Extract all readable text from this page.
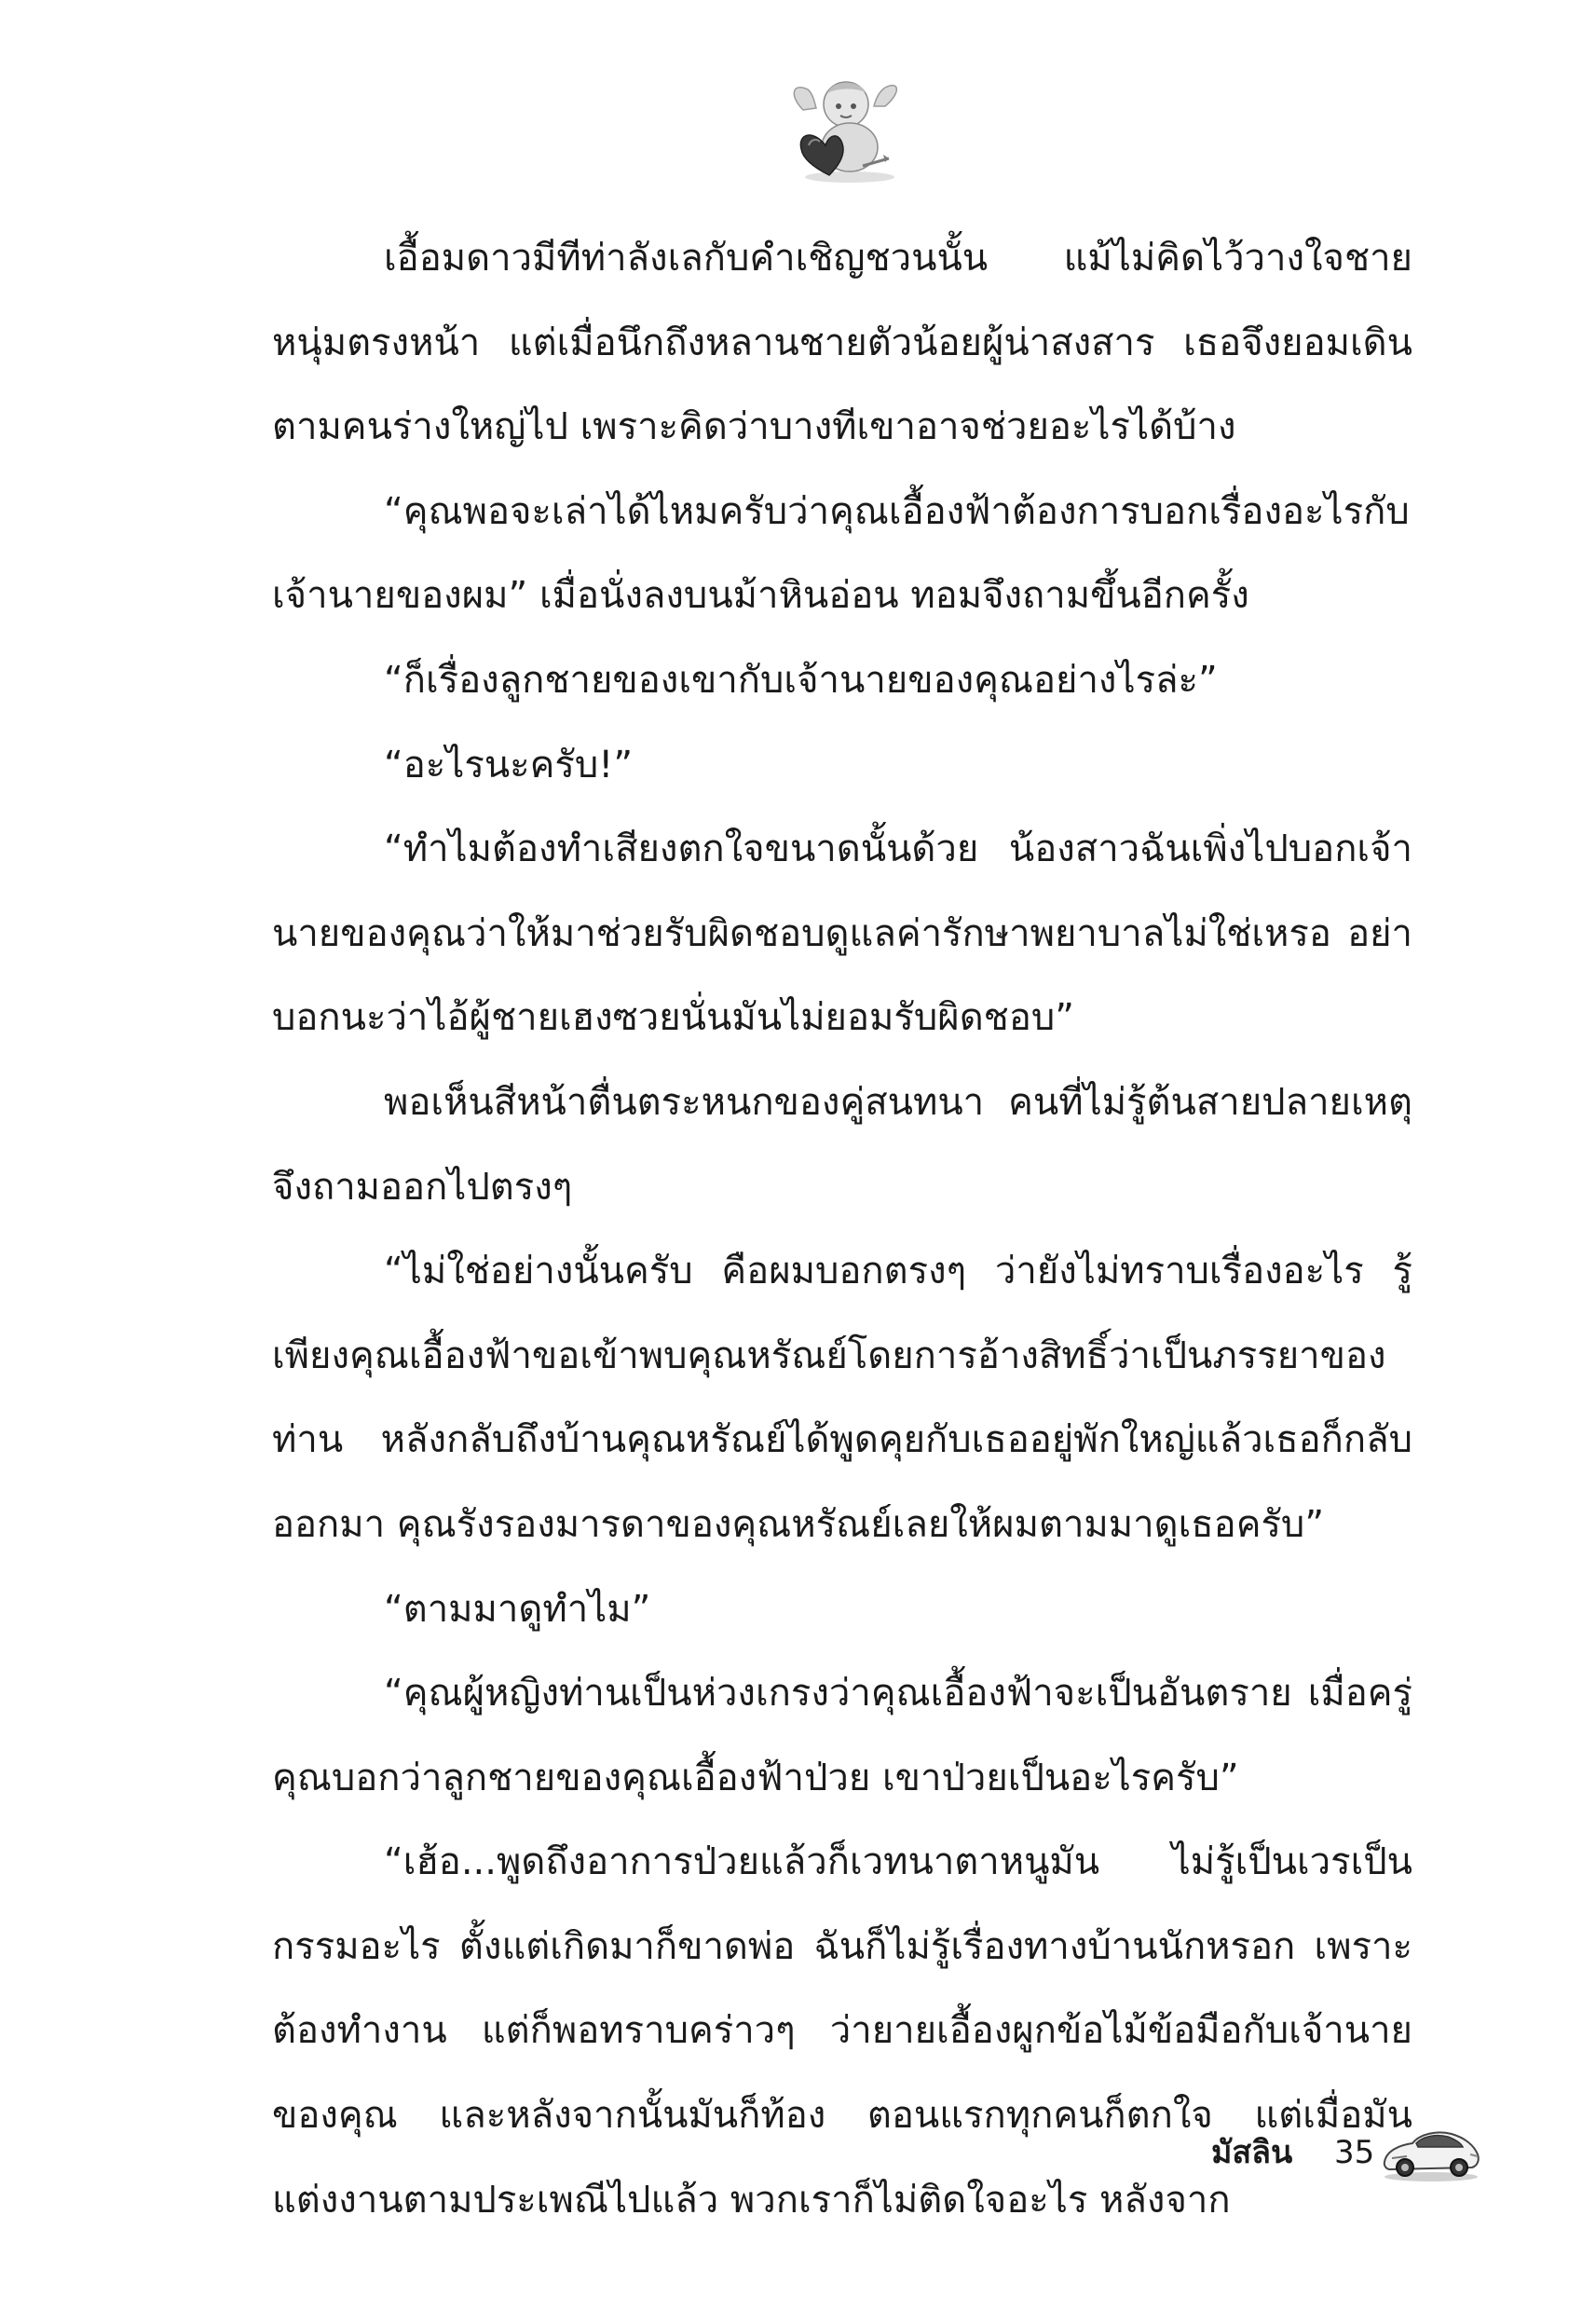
เอื้อมดาวมีทีท่าลังเลกับคำเชิญชวนนั้น แม้ไม่คิดไว้วางใจชายหนุ่มตรงหน้า แต่เมื่อนึกถึงหลานชายตัวน้อยผู้น่าสงสาร เธอจึงยอมเดินตามคนร่างใหญ่ไป เพราะคิดว่าบางทีเขาอาจช่วยอะไรได้บ้าง

“คุณพอจะเล่าได้ไหมครับว่าคุณเอื้องฟ้าต้องการบอกเรื่องอะไรกับเจ้านายของผม” เมื่อนั่งลงบนม้าหินอ่อน ทอมจึงถามขึ้นอีกครั้ง

“ก็เรื่องลูกชายของเขากับเจ้านายของคุณอย่างไรล่ะ”

“อะไรนะครับ!”

“ทำไมต้องทำเสียงตกใจขนาดนั้นด้วย น้องสาวฉันเพิ่งไปบอกเจ้านายของคุณว่าให้มาช่วยรับผิดชอบดูแลค่ารักษาพยาบาลไม่ใช่เหรอ อย่าบอกนะว่าไอ้ผู้ชายเฮงซวยนั่นมันไม่ยอมรับผิดชอบ”

พอเห็นสีหน้าตื่นตระหนกของคู่สนทนา คนที่ไม่รู้ต้นสายปลายเหตุจึงถามออกไปตรงๆ

“ไม่ใช่อย่างนั้นครับ คือผมบอกตรงๆ ว่ายังไม่ทราบเรื่องอะไร รู้เพียงคุณเอื้องฟ้าขอเข้าพบคุณหรัณย์โดยการอ้างสิทธิ์ว่าเป็นภรรยาของท่าน หลังกลับถึงบ้านคุณหรัณย์ได้พูดคุยกับเธออยู่พักใหญ่แล้วเธอก็กลับออกมา คุณรังรองมารดาของคุณหรัณย์เลยให้ผมตามมาดูเธอครับ”

“ตามมาดูทำไม”

“คุณผู้หญิงท่านเป็นห่วงเกรงว่าคุณเอื้องฟ้าจะเป็นอันตราย เมื่อครู่คุณบอกว่าลูกชายของคุณเอื้องฟ้าป่วย เขาป่วยเป็นอะไรครับ”

“เฮ้อ...พูดถึงอาการป่วยแล้วก็เวทนาตาหนูมัน ไม่รู้เป็นเวรเป็นกรรมอะไร ตั้งแต่เกิดมาก็ขาดพ่อ ฉันก็ไม่รู้เรื่องทางบ้านนักหรอก เพราะต้องทำงาน แต่ก็พอทราบคร่าวๆ ว่ายายเอื้องผูกข้อไม้ข้อมือกับเจ้านายของคุณ และหลังจากนั้นมันก็ท้อง ตอนแรกทุกคนก็ตกใจ แต่เมื่อมันแต่งงานตามประเพณีไปแล้ว พวกเราก็ไม่ติดใจอะไร หลังจาก

มัสลิน 35
